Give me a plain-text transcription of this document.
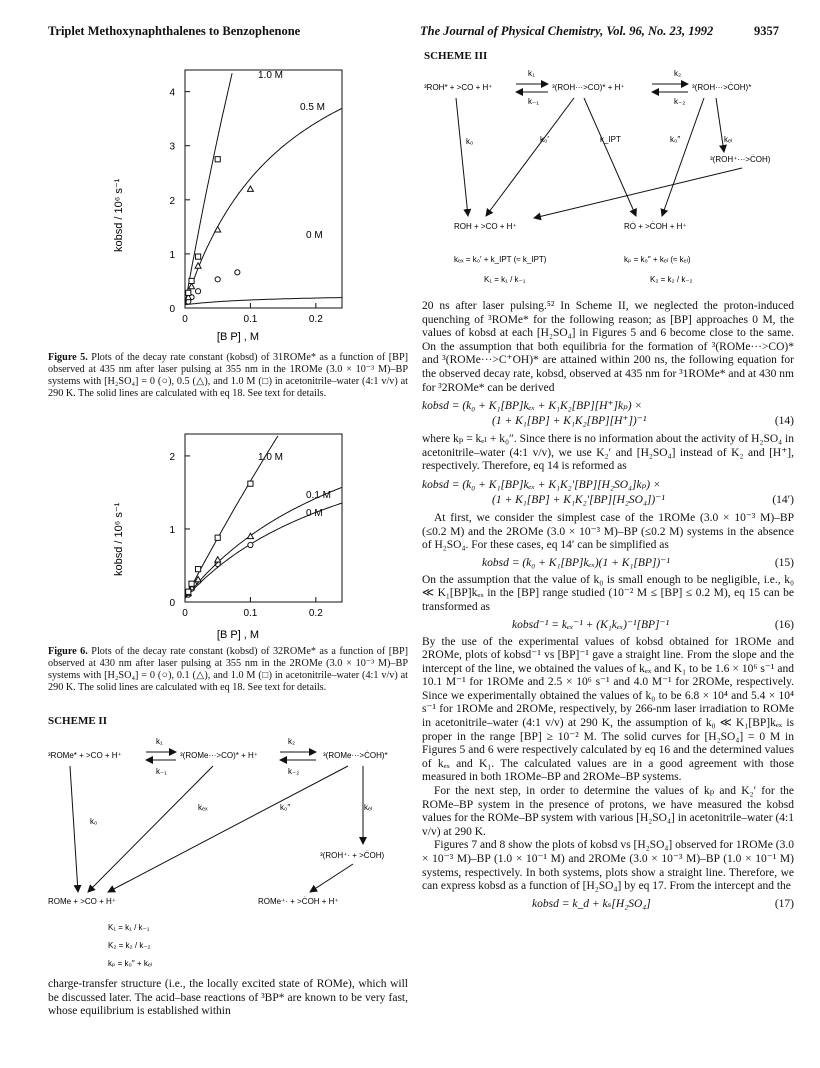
Triplet Methoxynaphthalenes to Benzophenone	The Journal of Physical Chemistry, Vol. 96, No. 23, 1992	9357
0
1
2
3
4
0	0.1	0.2
1.0 M
0.5 M
0 M
kobsd / 10⁶ s⁻¹
[B P] , M
Figure 5. Plots of the decay rate constant (kobsd) of 31ROMe* as a function of [BP] observed at 435 nm after laser pulsing at 355 nm in the 1ROMe (3.0 × 10⁻³ M)–BP systems with [H₂SO₄] = 0 (○), 0.5 (△), and 1.0 M (□) in acetonitrile–water (4:1 v/v) at 290 K. The solid lines are calculated with eq 18. See text for details.
0
1
2
0	0.1	0.2
1.0 M
0.1 M
0 M
kobsd / 10⁶ s⁻¹
[B P] , M
Figure 6. Plots of the decay rate constant (kobsd) of 32ROMe* as a function of [BP] observed at 430 nm after laser pulsing at 355 nm in the 2ROMe (3.0 × 10⁻³ M)–BP systems with [H₂SO₄] = 0 (○), 0.1 (△), and 1.0 M (□) in acetonitrile–water (4:1 v/v) at 290 K. The solid lines are calculated with eq 18. See text for details.
SCHEME II
³ROMe* + >CO + H⁺	³(ROMe···>CO)* + H⁺	³(ROMe···>ĊOH)*
³(ROH⁺· + >ĊOH)
ROMe + >CO + H⁺	ROMe⁺· + >ĊOH + H⁺
k₁
k₋₁
k₂
k₋₂
k₀
kₑₓ	k₀″	kₑₗ
K₁ = k₁ / k₋₁
K₂ = k₂ / k₋₂
kₚ = k₀″ + kₑₗ
charge-transfer structure (i.e., the locally excited state of ROMe), which will be discussed later. The acid–base reactions of ³BP* are known to be very fast, whose equilibrium is established within
SCHEME III
³ROH* + >CO + H⁺	³(ROH···>CO)* + H⁺	³(ROH···>ĊOH)*
³(ROH⁺···>ĊOH)
ROH + >CO + H⁺	RȮ + >ĊOH + H⁺
k₁
k₋₁
k₂
k₋₂
k₀	k₀′	k_IPT	k₀″	kₑₗ
kₑₓ = k₀′ + k_IPT (≈ k_IPT)	kₚ = k₀″ + kₑₗ (≈ kₑₗ)
K₁ = k₁ / k₋₁	K₂ = k₂ / k₋₂

20 ns after laser pulsing.⁵² In Scheme II, we neglected the proton-induced quenching of ³ROMe* for the following reason; as [BP] approaches 0 M, the values of kobsd at each [H₂SO₄] in Figures 5 and 6 become close to the same. On the assumption that both equilibria for the formation of ³(ROMe···>CO)* and ³(ROMe···>C⁺OH)* are attained within 200 ns, the following equation for the observed decay rate, kobsd, observed at 435 nm for ³1ROMe* and at 430 nm for ³2ROMe* can be derived

kobsd = (k₀ + K₁[BP]kₑₓ + K₁K₂[BP][H⁺]kₚ) ×
(1 + K₁[BP] + K₁K₂[BP][H⁺])⁻¹	(14)

where kₚ = kₑₗ + k₀″. Since there is no information about the activity of H₂SO₄ in acetonitrile–water (4:1 v/v), we use K₂′ and [H₂SO₄] instead of K₂ and [H⁺], respectively. Therefore, eq 14 is reformed as

kobsd = (k₀ + K₁[BP]kₑₓ + K₁K₂′[BP][H₂SO₄]kₚ) ×
(1 + K₁[BP] + K₁K₂′[BP][H₂SO₄])⁻¹	(14′)

At first, we consider the simplest case of the 1ROMe (3.0 × 10⁻³ M)–BP (≤0.2 M) and the 2ROMe (3.0 × 10⁻³ M)–BP (≤0.2 M) systems in the absence of H₂SO₄. For these cases, eq 14′ can be simplified as

kobsd = (k₀ + K₁[BP]kₑₓ)(1 + K₁[BP])⁻¹	(15)

On the assumption that the value of k₀ is small enough to be negligible, i.e., k₀ ≪ K₁[BP]kₑₓ in the [BP] range studied (10⁻² M ≤ [BP] ≤ 0.2 M), eq 15 can be transformed as

kobsd⁻¹ = kₑₓ⁻¹ + (K₁kₑₓ)⁻¹[BP]⁻¹	(16)

By the use of the experimental values of kobsd obtained for 1ROMe and 2ROMe, plots of kobsd⁻¹ vs [BP]⁻¹ gave a straight line. From the slope and the intercept of the line, we obtained the values of kₑₓ and K₁ to be 1.6 × 10⁶ s⁻¹ and 10.1 M⁻¹ for 1ROMe and 2.5 × 10⁶ s⁻¹ and 4.0 M⁻¹ for 2ROMe, respectively. Since we experimentally obtained the values of k₀ to be 6.8 × 10⁴ and 5.4 × 10⁴ s⁻¹ for 1ROMe and 2ROMe, respectively, by 266-nm laser irradiation to ROMe in acetonitrile–water (4:1 v/v) at 290 K, the assumption of k₀ ≪ K₁[BP]kₑₓ is proper in the range [BP] ≥ 10⁻² M. The solid curves for [H₂SO₄] = 0 M in Figures 5 and 6 were respectively calculated by eq 16 and the determined values of kₑₓ and K₁. The calculated values are in a good agreement with those measured in both 1ROMe–BP and 2ROMe–BP systems.

For the next step, in order to determine the values of kₚ and K₂′ for the ROMe–BP system in the presence of protons, we have measured the kobsd values for the ROMe–BP system with various [H₂SO₄] in acetonitrile–water (4:1 v/v) at 290 K.

Figures 7 and 8 show the plots of kobsd vs [H₂SO₄] observed for 1ROMe (3.0 × 10⁻³ M)–BP (1.0 × 10⁻¹ M) and 2ROMe (3.0 × 10⁻³ M)–BP (1.0 × 10⁻¹ M) systems, respectively. In both systems, plots show a straight line. Therefore, we can express kobsd as a function of [H₂SO₄] by eq 17. From the intercept and the

kobsd = k_d + kₛ[H₂SO₄]	(17)
